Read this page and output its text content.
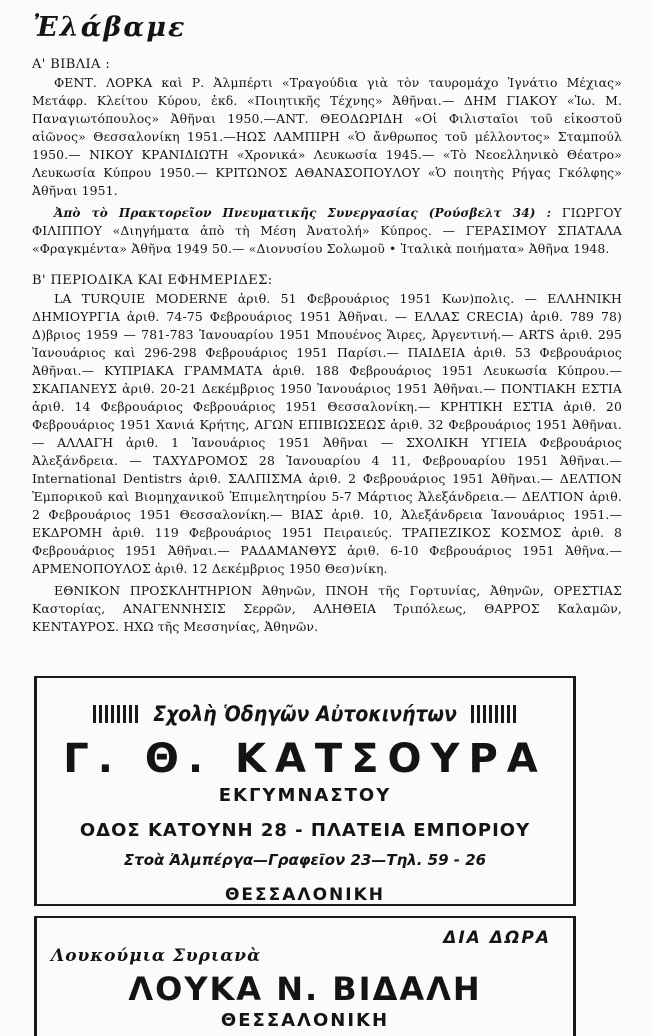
Ἐλάβαμε
Α' ΒΙΒΛΙΑ :

ΦΕΝΤ. ΛΟΡΚΑ καὶ Ρ. Ἀλμπέρτι «Τραγούδια γιὰ τὸν ταυρομάχο Ἰγνάτιο Μέχιας» Μετάφρ. Κλείτου Κύρου, ἐκδ. «Ποιητικῆς Τέχνης» Ἀθῆναι.— ΔΗΜ ΓΙΑΚΟΥ «Ἰω. Μ. Παναγιωτόπουλος» Ἀθῆναι 1950.—ΑΝΤ. ΘΕΟΔΩΡΙΔΗ «Οἱ Φιλισταῖοι τοῦ εἰκοστοῦ αἰῶνος» Θεσσαλονίκη 1951.—ΗΩΣ ΛΑΜΠΙΡΗ «Ὁ ἄνθρωπος τοῦ μέλλοντος» Σταμπούλ 1950.— ΝΙΚΟΥ ΚΡΑΝΙΔΙΩΤΗ «Χρονικά» Λευκωσία 1945.— «Τὸ Νεοελληνικὸ Θέατρο» Λευκωσία Κύπρου 1950.— ΚΡΙΤΩΝΟΣ ΑΘΑΝΑΣΟΠΟΥΛΟΥ «Ὁ ποιητὴς Ρήγας Γκόλφης» Ἀθῆναι 1951.

Ἀπὸ τὸ Πρακτορεῖον Πνευματικῆς Συνεργασίας (Ρούσβελτ 34) : ΓΙΩΡΓΟΥ ΦΙΛΙΠΠΟΥ «Διηγήματα ἀπὸ τὴ Μέση Ἀνατολή» Κύπρος. — ΓΕΡΑΣΙΜΟΥ ΣΠΑΤΑΛΑ «Φραγκμέντα» Ἀθῆνα 1949 50.— «Διονυσίου Σολωμοῦ • Ἰταλικὰ ποιήματα» Ἀθῆνα 1948.

Β' ΠΕΡΙΟΔΙΚΑ ΚΑΙ ΕΦΗΜΕΡΙΔΕΣ:

LA TURQUIE MODERNE ἀριθ. 51 Φεβρουάριος 1951 Κων)πολις. — ΕΛΛΗΝΙΚΗ ΔΗΜΙΟΥΡΓΙΑ ἀριθ. 74-75 Φεβρουάριος 1951 Ἀθῆναι. — ΕΛΛΑΣ CRECIA) ἀριθ. 789 78) Δ)βριος 1959 — 781-783 Ἰανουαρίου 1951 Μπουένος Ἄιρες, Ἀργεντινή.— ARTS ἀριθ. 295 Ἰανουάριος καὶ 296-298 Φεβρουάριος 1951 Παρίσι.— ΠΑΙΔΕΙΑ ἀριθ. 53 Φεβρουάριος Ἀθῆναι.— ΚΥΠΡΙΑΚΑ ΓΡΑΜΜΑΤΑ ἀριθ. 188 Φεβρουάριος 1951 Λευκωσία Κύπρου.— ΣΚΑΠΑΝΕΥΣ ἀριθ. 20-21 Δεκέμβριος 1950 Ἰανουάριος 1951 Ἀθῆναι.— ΠΟΝΤΙΑΚΗ ΕΣΤΙΑ ἀριθ. 14 Φεβρουάριος Φεβρουάριος 1951 Θεσσαλονίκη.— ΚΡΗΤΙΚΗ ΕΣΤΙΑ ἀριθ. 20 Φεβρουάριος 1951 Χανιά Κρήτης, ΑΓΩΝ ΕΠΙΒΙΩΣΕΩΣ ἀριθ. 32 Φεβρουάριος 1951 Ἀθῆναι.— ΑΛΛΑΓΗ ἀριθ. 1 Ἰανουάριος 1951 Ἀθῆναι — ΣΧΟΛΙΚΗ ΥΓΙΕΙΑ Φεβρουάριος Ἀλεξάνδρεια. — ΤΑΧΥΔΡΟΜΟΣ 28 Ἰανουαρίου 4 11, Φεβρουαρίου 1951 Ἀθῆναι.— International Dentistrs ἀριθ. ΣΑΛΠΙΣΜΑ ἀριθ. 2 Φεβρουάριος 1951 Ἀθῆναι.— ΔΕΛΤΙΟΝ Ἐμπορικοῦ καὶ Βιομηχανικοῦ Ἐπιμελητηρίου 5-7 Μάρτιος Ἀλεξάνδρεια.— ΔΕΛΤΙΟΝ ἀριθ. 2 Φεβρουάριος 1951 Θεσσαλονίκη.— ΒΙΑΣ ἀριθ. 10, Ἀλεξάνδρεια Ἰανουάριος 1951.— ΕΚΔΡΟΜΗ ἀριθ. 119 Φεβρουάριος 1951 Πειραιεύς. ΤΡΑΠΕΖΙΚΟΣ ΚΟΣΜΟΣ ἀριθ. 8 Φεβρουάριος 1951 Ἀθῆναι.— ΡΑΔΑΜΑΝΘΥΣ ἀριθ. 6-10 Φεβρουάριος 1951 Ἀθῆνα.—ΑΡΜΕΝΟΠΟΥΛΟΣ ἀριθ. 12 Δεκέμβριος 1950 Θεσ)νίκη.

ΕΘΝΙΚΟΝ ΠΡΟΣΚΛΗΤΗΡΙΟΝ Ἀθηνῶν, ΠΝΟΗ τῆς Γορτυνίας, Ἀθηνῶν, ΟΡΕΣΤΙΑΣ Καστορίας, ΑΝΑΓΕΝΝΗΣΙΣ Σερρῶν, ΑΛΗΘΕΙΑ Τριπόλεως, ΘΑΡΡΟΣ Καλαμῶν, ΚΕΝΤΑΥΡΟΣ. ΗΧΩ τῆς Μεσσηνίας, Ἀθηνῶν.

Σχολὴ Ὁδηγῶν Αὐτοκινήτων
Γ. Θ. ΚΑΤΣΟΥΡΑ
ΕΚΓΥΜΝΑΣΤΟΥ
ΟΔΟΣ ΚΑΤΟΥΝΗ 28 - ΠΛΑΤΕΙΑ ΕΜΠΟΡΙΟΥ
Στοὰ Ἀλμπέργα—Γραφεῖον 23—Τηλ. 59 - 26
ΘΕΣΣΑΛΟΝΙΚΗ
ΔΙΑ ΔΩΡΑ
Λουκούμια Συριανὰ
ΛΟΥΚΑ Ν. ΒΙΔΑΛΗ
ΘΕΣΣΑΛΟΝΙΚΗ
